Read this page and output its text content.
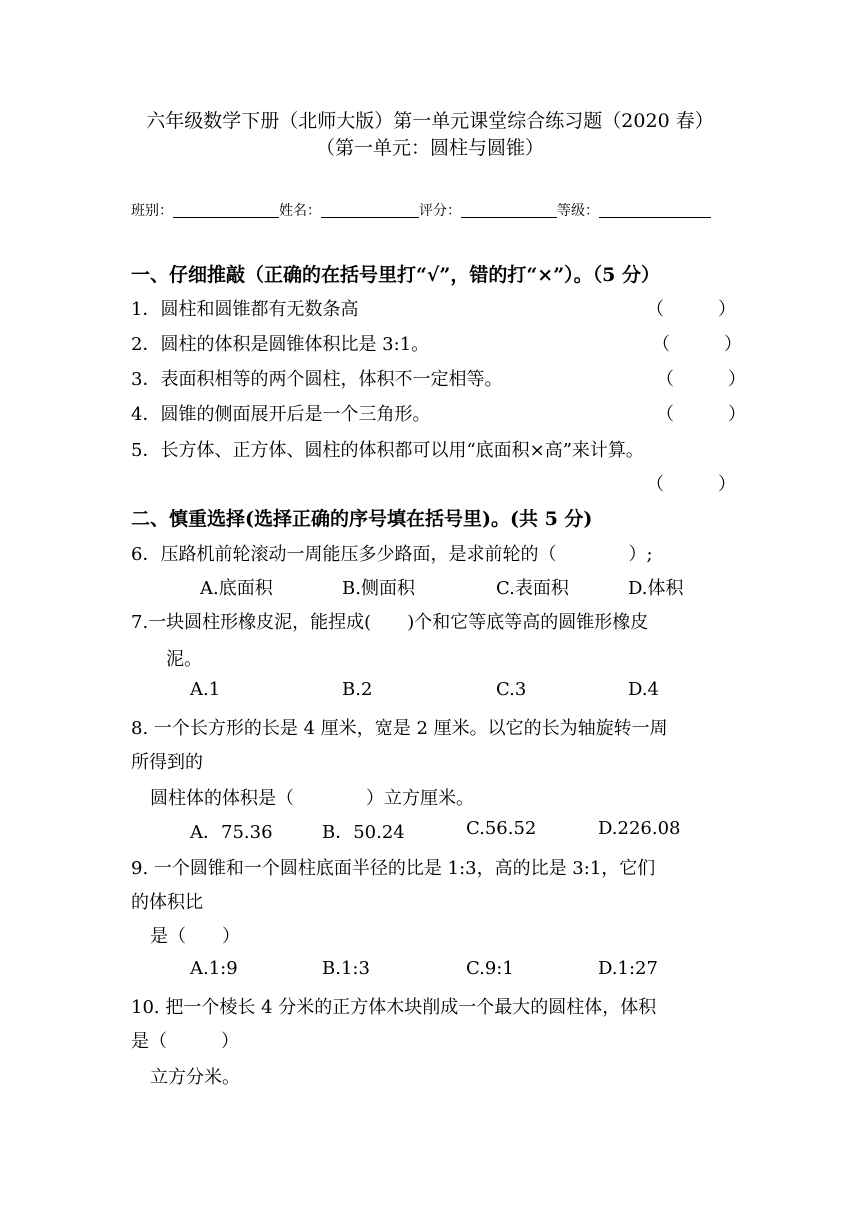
六年级数学下册（北师大版）第一单元课堂综合练习题（2020 春）
（第一单元：圆柱与圆锥）
班别：	姓名：	评分：	等级：
一、仔细推敲（正确的在括号里打“√”，错的打“×”）。（5 分）
1．圆柱和圆锥都有无数条高	（　　　）
2．圆柱的体积是圆锥体积比是 3:1。	（　　　）
3．表面积相等的两个圆柱，体积不一定相等。	（　　　）
4．圆锥的侧面展开后是一个三角形。	（　　　）
5．长方体、正方体、圆柱的体积都可以用“底面积×高”来计算。
（　　　）
二、慎重选择(选择正确的序号填在括号里)。(共 5 分)
6．压路机前轮滚动一周能压多少路面，是求前轮的（　　　　）;
A.底面积	B.侧面积	C.表面积	D.体积
7.一块圆柱形橡皮泥，能捏成(　　)个和它等底等高的圆锥形橡皮
泥。
A.1	B.2	C.3	D.4
8. 一个长方形的长是 4 厘米，宽是 2 厘米。以它的长为轴旋转一周
所得到的
圆柱体的体积是（　　　　）立方厘米。
A．75.36	B．50.24	C.56.52	D.226.08
9. 一个圆锥和一个圆柱底面半径的比是 1:3，高的比是 3:1，它们
的体积比
是（　　）
A.1:9	B.1:3	C.9:1	D.1:27
10. 把一个棱长 4 分米的正方体木块削成一个最大的圆柱体，体积
是（　　　）
立方分米。
